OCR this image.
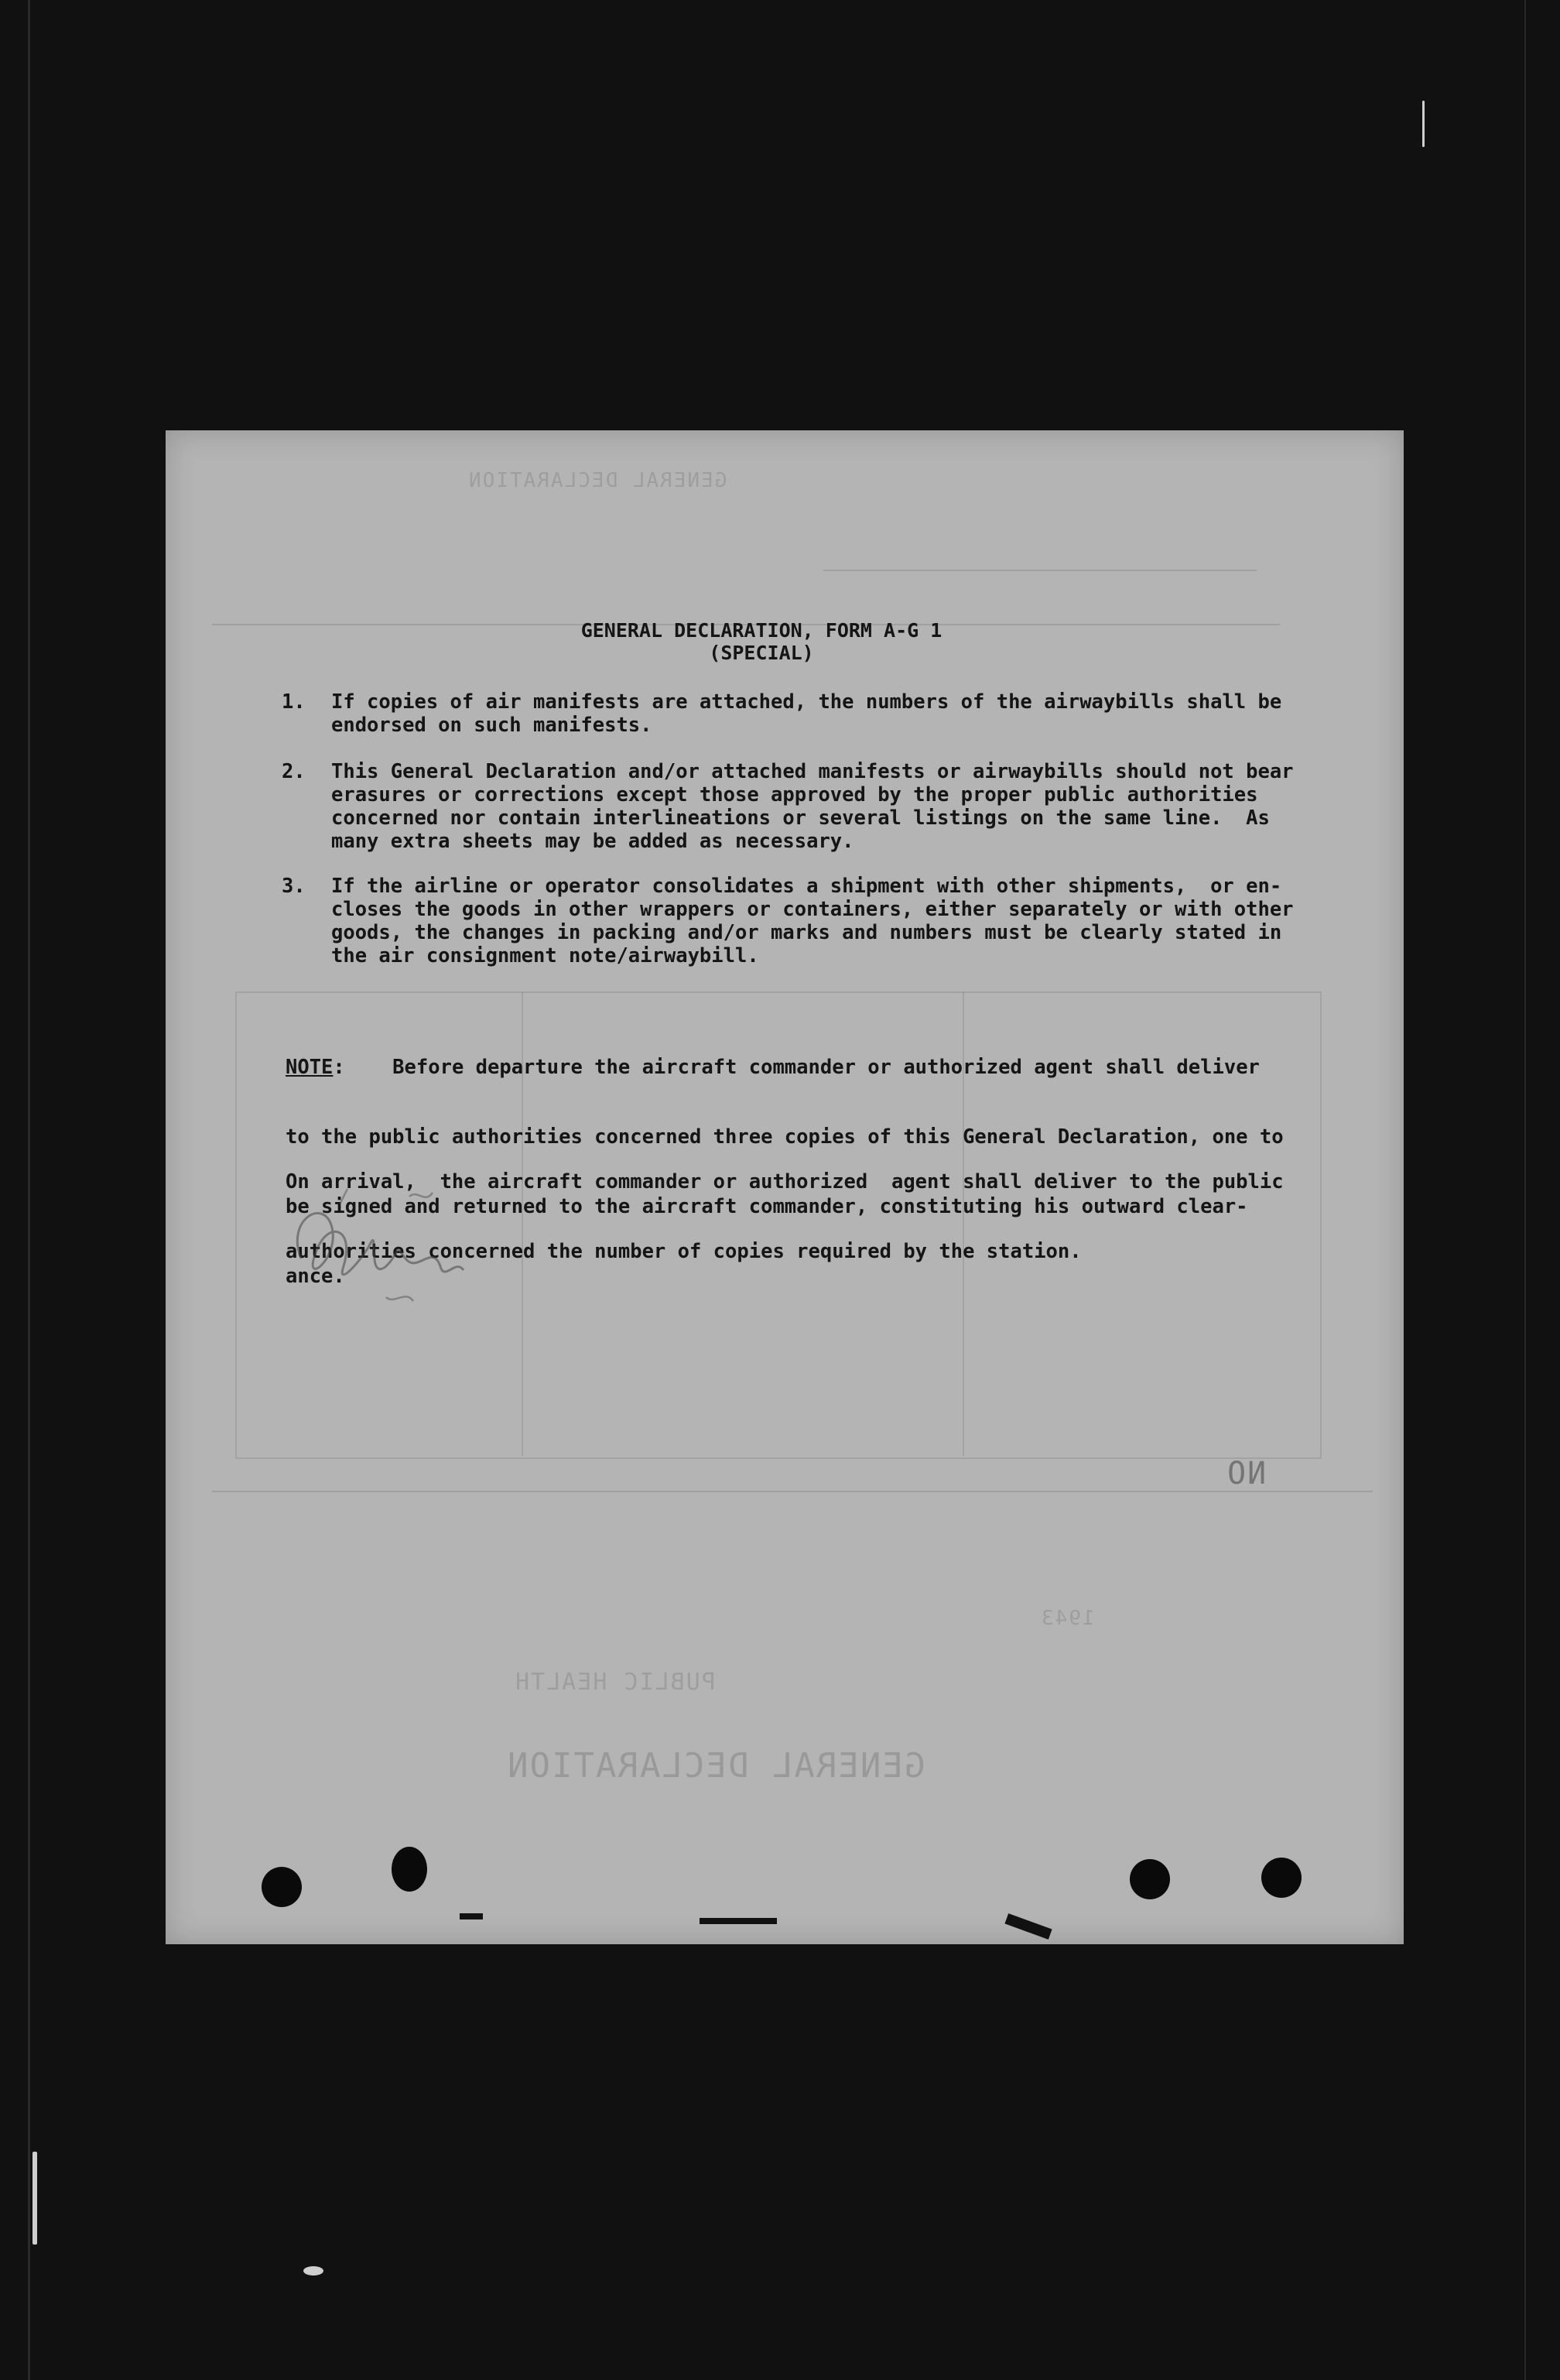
GENERAL DECLARATION
1943
PUBLIC HEALTH
GENERAL DECLARATION
NO
GENERAL DECLARATION, FORM A-G 1 (SPECIAL)
1.	If copies of air manifests are attached, the numbers of the airwaybills shall be
endorsed on such manifests.
2.	This General Declaration and/or attached manifests or airwaybills should not bear
erasures or corrections except those approved by the proper public authorities
concerned nor contain interlineations or several listings on the same line.  As
many extra sheets may be added as necessary.
3.	If the airline or operator consolidates a shipment with other shipments,  or en-
closes the goods in other wrappers or containers, either separately or with other
goods, the changes in packing and/or marks and numbers must be clearly stated in
the air consignment note/airwaybill.

NOTE:    Before departure the aircraft commander or authorized agent shall deliver

to the public authorities concerned three copies of this General Declaration, one to

be signed and returned to the aircraft commander, constituting his outward clear-

ance.

On arrival,  the aircraft commander or authorized  agent shall deliver to the public

authorities concerned the number of copies required by the station.
